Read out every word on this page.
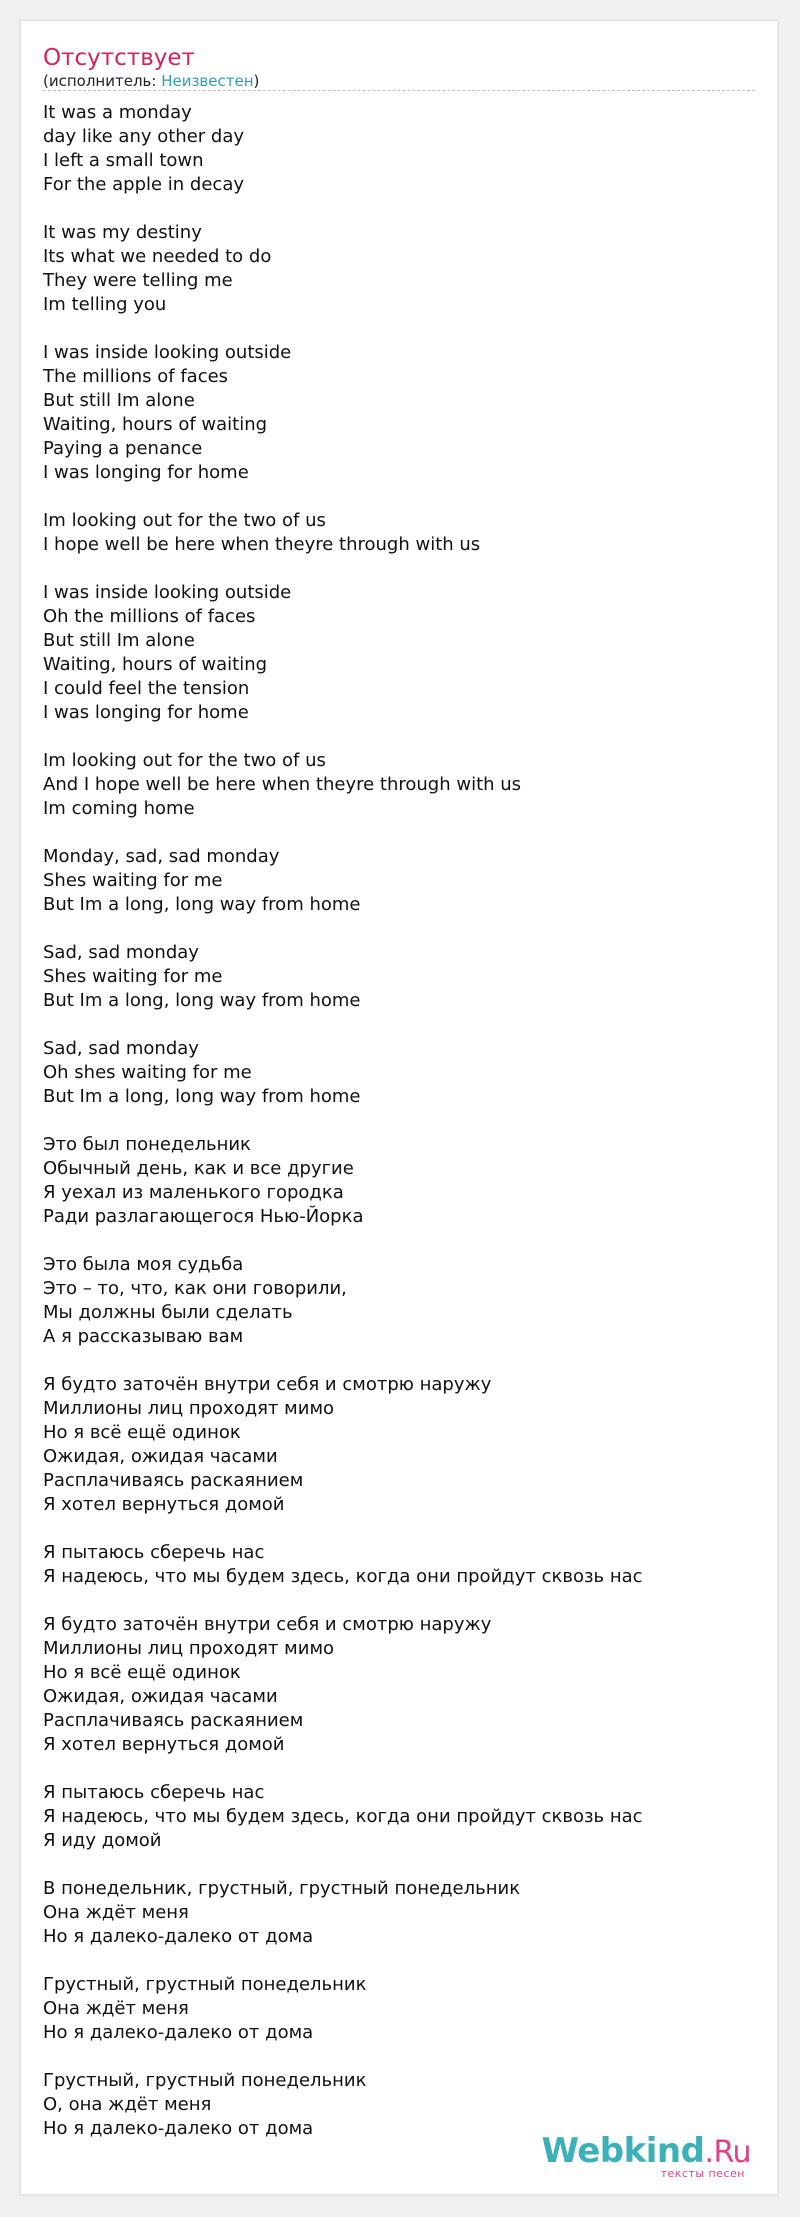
Отсутствует
(исполнитель: Неизвестен)
It was a monday
day like any other day
I left a small town
For the apple in decay
It was my destiny
Its what we needed to do
They were telling me
Im telling you
I was inside looking outside
The millions of faces
But still Im alone
Waiting, hours of waiting
Paying a penance
I was longing for home
Im looking out for the two of us
I hope well be here when theyre through with us
I was inside looking outside
Oh the millions of faces
But still Im alone
Waiting, hours of waiting
I could feel the tension
I was longing for home
Im looking out for the two of us
And I hope well be here when theyre through with us
Im coming home
Monday, sad, sad monday
Shes waiting for me
But Im a long, long way from home
Sad, sad monday
Shes waiting for me
But Im a long, long way from home
Sad, sad monday
Oh shes waiting for me
But Im a long, long way from home
Это был понедельник
Обычный день, как и все другие
Я уехал из маленького городка
Ради разлагающегося Нью-Йорка
Это была моя судьба
Это – то, что, как они говорили,
Мы должны были сделать
А я рассказываю вам
Я будто заточён внутри себя и смотрю наружу
Миллионы лиц проходят мимо
Но я всё ещё одинок
Ожидая, ожидая часами
Расплачиваясь раскаянием
Я хотел вернуться домой
Я пытаюсь сберечь нас
Я надеюсь, что мы будем здесь, когда они пройдут сквозь нас
Я будто заточён внутри себя и смотрю наружу
Миллионы лиц проходят мимо
Но я всё ещё одинок
Ожидая, ожидая часами
Расплачиваясь раскаянием
Я хотел вернуться домой
Я пытаюсь сберечь нас
Я надеюсь, что мы будем здесь, когда они пройдут сквозь нас
Я иду домой
В понедельник, грустный, грустный понедельник
Она ждёт меня
Но я далеко-далеко от дома
Грустный, грустный понедельник
Она ждёт меня
Но я далеко-далеко от дома
Грустный, грустный понедельник
О, она ждёт меня
Но я далеко-далеко от дома
Webkind.Ru
тексты песен
